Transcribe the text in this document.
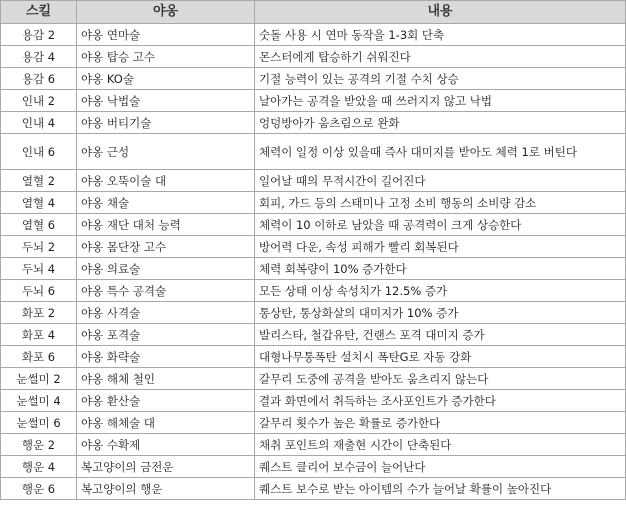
스킬	야옹	내용
용감 2	야옹 연마술	숫돌 사용 시 연마 동작을 1-3회 단축
용감 4	야옹 탑승 고수	몬스터에게 탑승하기 쉬워진다
용감 6	야옹 KO술	기절 능력이 있는 공격의 기절 수치 상승
인내 2	야옹 낙법술	날아가는 공격을 받았을 때 쓰러지지 않고 낙법
인내 4	야옹 버티기술	엉덩방아가 움츠림으로 완화
인내 6	야옹 근성	체력이 일정 이상 있을때 즉사 대미지를 받아도 체력 1로 버틴다
열혈 2	야옹 오뚝이술 대	일어날 때의 무적시간이 길어진다
열혈 4	야옹 채술	회피, 가드 등의 스태미나 고정 소비 행동의 소비량 감소
열혈 6	야옹 재단 대처 능력	체력이 10 이하로 남았을 때 공격력이 크게 상승한다
두뇌 2	야옹 몸단장 고수	방어력 다운, 속성 피해가 빨리 회복된다
두뇌 4	야옹 의료술	체력 회복량이 10% 증가한다
두뇌 6	야옹 특수 공격술	모든 상태 이상 속성치가 12.5% 증가
화포 2	야옹 사격술	통상탄, 통상화살의 대미지가 10% 증가
화포 4	야옹 포격술	발리스타, 철갑유탄, 건랜스 포격 대미지 증가
화포 6	야옹 화략술	대형나무통폭탄 설치시 폭탄G로 자동 강화
눈썰미 2	야옹 해체 철인	갈무리 도중에 공격을 받아도 움츠리지 않는다
눈썰미 4	야옹 환산술	결과 화면에서 취득하는 조사포인트가 증가한다
눈썰미 6	야옹 해체술 대	갈무리 횟수가 높은 확률로 증가한다
행운 2	야옹 수확제	채취 포인트의 재출현 시간이 단축된다
행운 4	복고양이의 금전운	퀘스트 클리어 보수금이 늘어난다
행운 6	복고양이의 행운	퀘스트 보수로 받는 아이템의 수가 늘어날 확률이 높아진다
